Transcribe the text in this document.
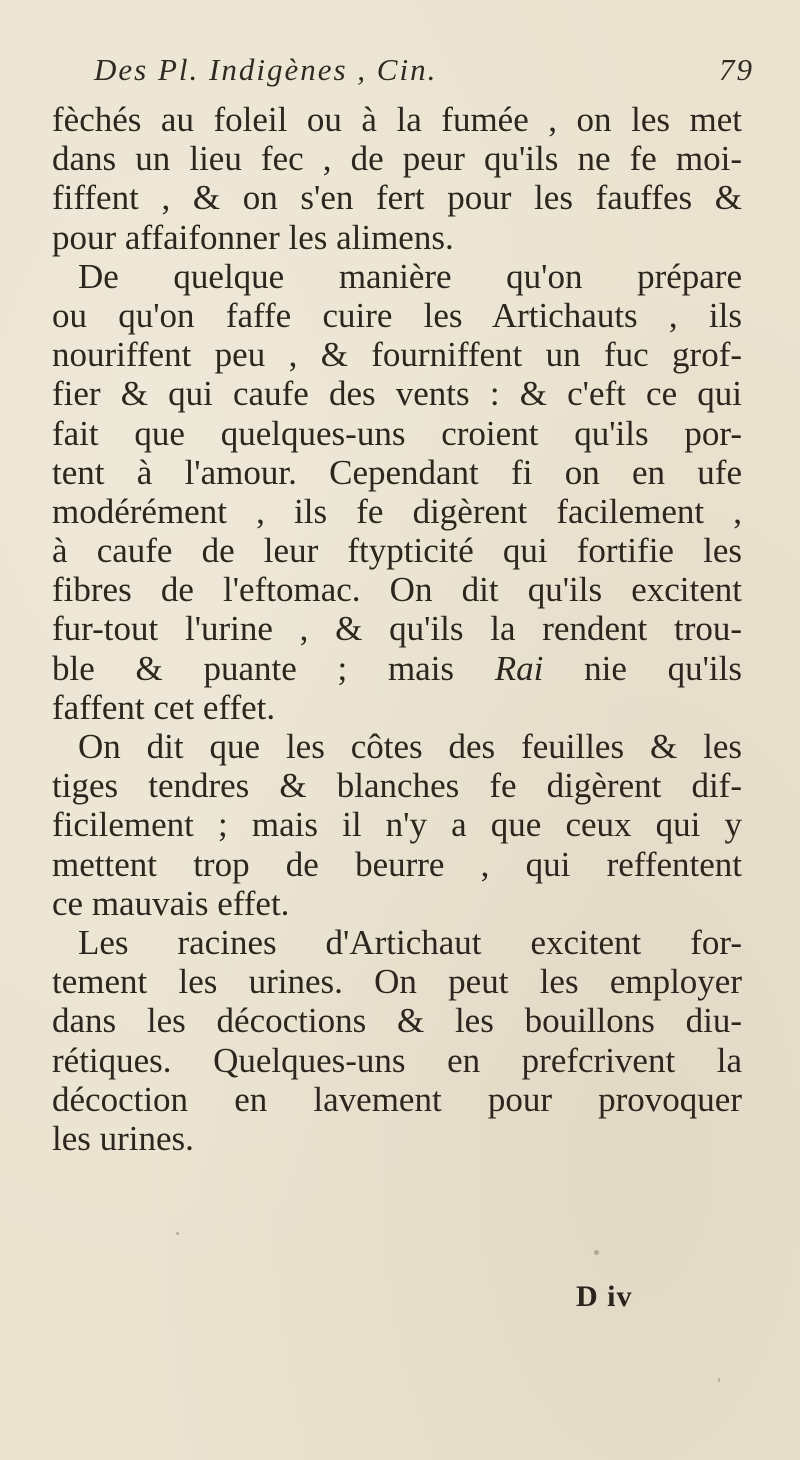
Des Pl. Indigènes , Cin.	79
fèchés au foleil ou à la fumée , on les met
dans un lieu fec , de peur qu'ils ne fe moi-
fiffent , & on s'en fert pour les fauffes &
pour affaifonner les alimens.
De quelque manière qu'on prépare
ou qu'on faffe cuire les Artichauts , ils
nouriffent peu , & fourniffent un fuc grof-
fier & qui caufe des vents : & c'eft ce qui
fait que quelques-uns croient qu'ils por-
tent à l'amour. Cependant fi on en ufe
modérément , ils fe digèrent facilement ,
à caufe de leur ftypticité qui fortifie les
fibres de l'eftomac. On dit qu'ils excitent
fur-tout l'urine , & qu'ils la rendent trou-
ble & puante ; mais Rai nie qu'ils
faffent cet effet.
On dit que les côtes des feuilles & les
tiges tendres & blanches fe digèrent dif-
ficilement ; mais il n'y a que ceux qui y
mettent trop de beurre , qui reffentent
ce mauvais effet.
Les racines d'Artichaut excitent for-
tement les urines. On peut les employer
dans les décoctions & les bouillons diu-
rétiques. Quelques-uns en prefcrivent la
décoction en lavement pour provoquer
les urines.
D iv
